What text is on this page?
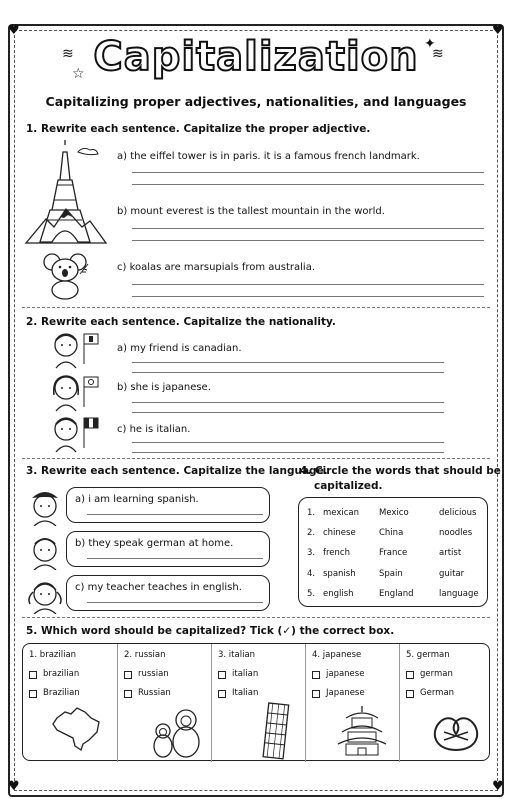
♥	♥
♥	♥
≋
☆
≋
✦
Capitalization
Capitalizing proper adjectives, nationalities, and languages
1. Rewrite each sentence. Capitalize the proper adjective.
a) the eiffel tower is in paris. it is a famous french landmark.
b) mount everest is the tallest mountain in the world.
c) koalas are marsupials from australia.
2. Rewrite each sentence. Capitalize the nationality.
a) my friend is canadian.
b) she is japanese.
c) he is italian.
3. Rewrite each sentence. Capitalize the language.
a) i am learning spanish.
b) they speak german at home.
c) my teacher teaches in english.
4. Circle the words that should be
capitalized.
1. mexican Mexico	delicious
2. chinese	China	noodles
3. french	France	artist
4. spanish	Spain	guitar
5. english	England	language
5. Which word should be capitalized? Tick (✓) the correct box.
1. brazilian
brazilian
Brazilian
2. russian
russian
Russian
3. italian
italian
Italian
4. japanese
japanese
Japanese
5. german
german
German
